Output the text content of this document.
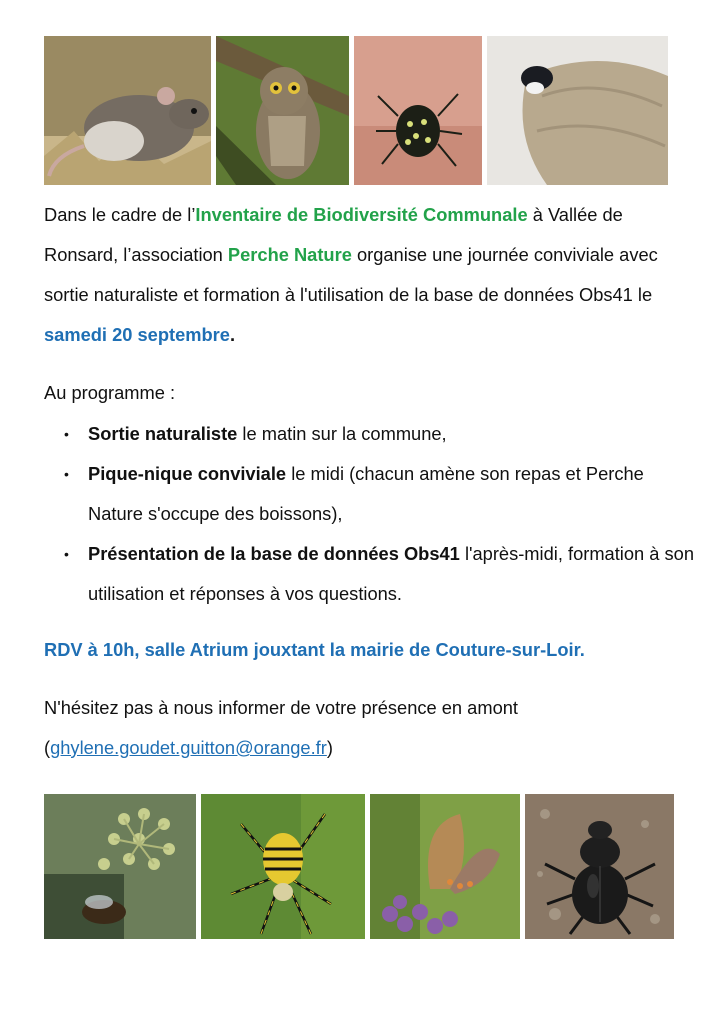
Dans le cadre de l’Inventaire de Biodiversité Communale à Vallée de Ronsard, l’association Perche Nature organise une journée conviviale avec sortie naturaliste et formation à l'utilisation de la base de données Obs41 le samedi 20 septembre.
Au programme :
• Sortie naturaliste le matin sur la commune,
• Pique-nique conviviale le midi (chacun amène son repas et Perche Nature s'occupe des boissons),
• Présentation de la base de données Obs41 l'après-midi, formation à son utilisation et réponses à vos questions.
RDV à 10h, salle Atrium jouxtant la mairie de Couture-sur-Loir.
N'hésitez pas à nous informer de votre présence en amont
(ghylene.goudet.guitton@orange.fr)
